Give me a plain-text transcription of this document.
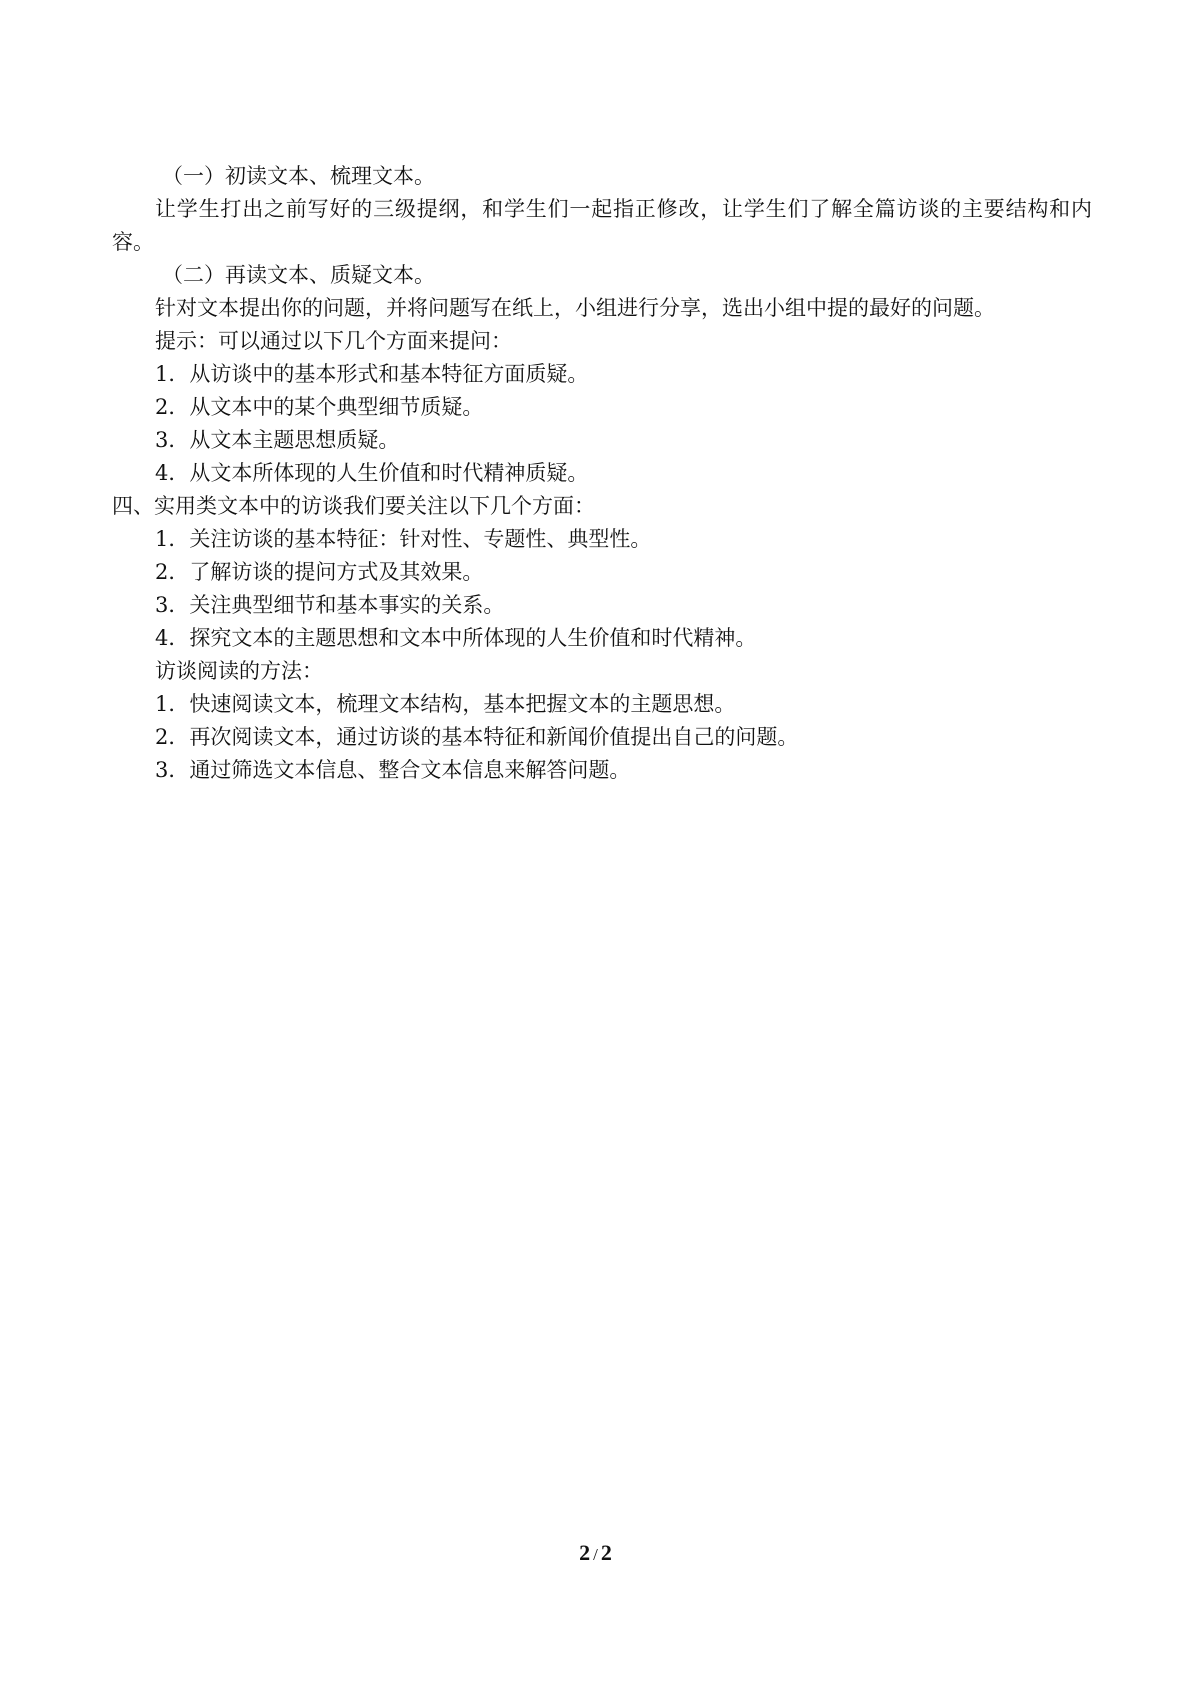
（一）初读文本、梳理文本。

让学生打出之前写好的三级提纲，和学生们一起指正修改，让学生们了解全篇访谈的主要结构和内容。

（二）再读文本、质疑文本。

针对文本提出你的问题，并将问题写在纸上，小组进行分享，选出小组中提的最好的问题。

提示：可以通过以下几个方面来提问：

1．从访谈中的基本形式和基本特征方面质疑。

2．从文本中的某个典型细节质疑。

3．从文本主题思想质疑。

4．从文本所体现的人生价值和时代精神质疑。

四、实用类文本中的访谈我们要关注以下几个方面：

1．关注访谈的基本特征：针对性、专题性、典型性。

2．了解访谈的提问方式及其效果。

3．关注典型细节和基本事实的关系。

4．探究文本的主题思想和文本中所体现的人生价值和时代精神。

访谈阅读的方法：

1．快速阅读文本，梳理文本结构，基本把握文本的主题思想。

2．再次阅读文本，通过访谈的基本特征和新闻价值提出自己的问题。

3．通过筛选文本信息、整合文本信息来解答问题。

2 / 2
